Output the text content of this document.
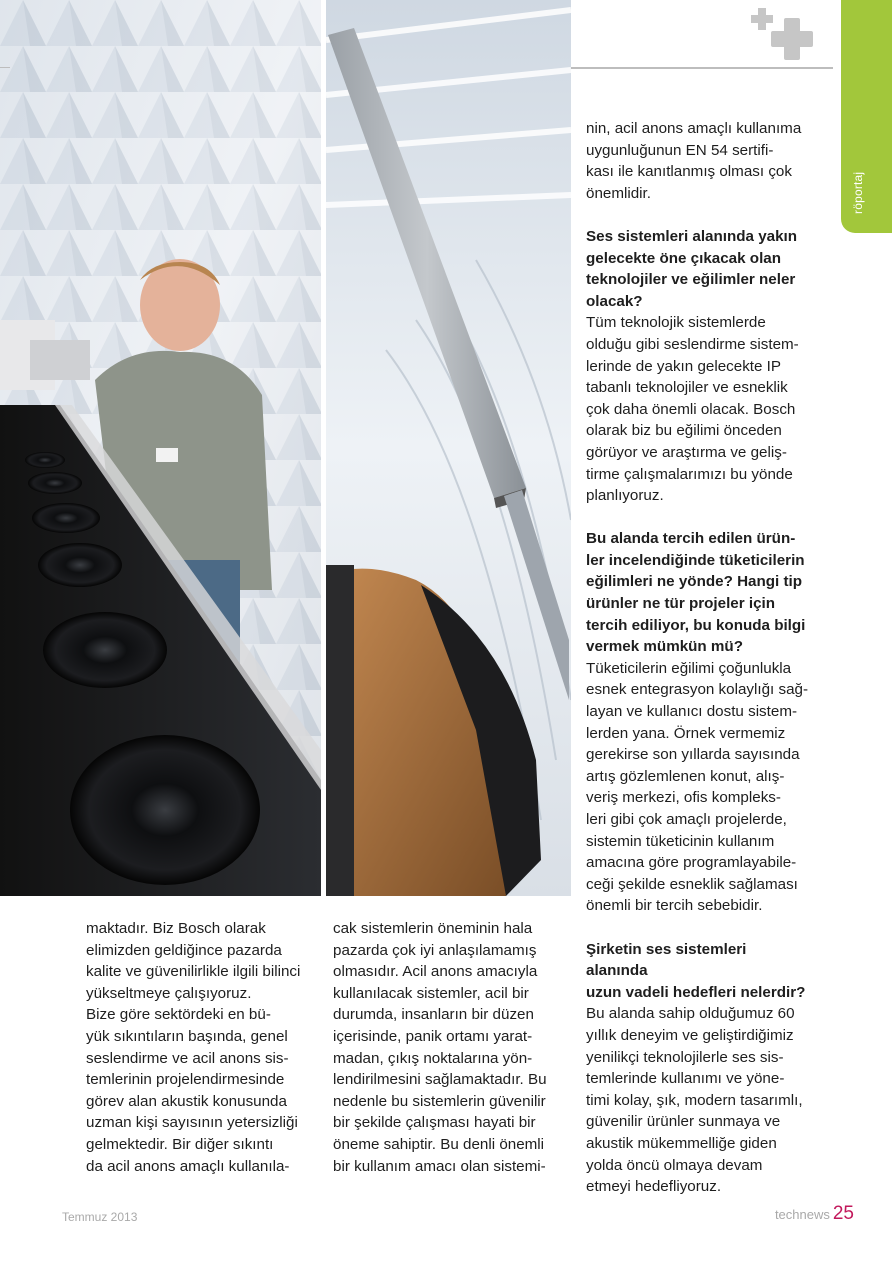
röportaj

maktadır. Biz Bosch olarak
elimizden geldiğince pazarda
kalite ve güvenilirlikle ilgili bilinci
yükseltmeye çalışıyoruz.
Bize göre sektördeki en bü-
yük sıkıntıların başında, genel
seslendirme ve acil anons sis-
temlerinin projelendirmesinde
görev alan akustik konusunda
uzman kişi sayısının yetersizliği
gelmektedir. Bir diğer sıkıntı
da acil anons amaçlı kullanıla-

cak sistemlerin öneminin hala
pazarda çok iyi anlaşılamamış
olmasıdır. Acil anons amacıyla
kullanılacak sistemler, acil bir
durumda, insanların bir düzen
içerisinde, panik ortamı yarat-
madan, çıkış noktalarına yön-
lendirilmesini sağlamaktadır. Bu
nedenle bu sistemlerin güvenilir
bir şekilde çalışması hayati bir
öneme sahiptir. Bu denli önemli
bir kullanım amacı olan sistemi-

nin, acil anons amaçlı kullanıma
uygunluğunun EN 54 sertifi-
kası ile kanıtlanmış olması çok
önemlidir.

Ses sistemleri alanında yakın
gelecekte öne çıkacak olan
teknolojiler ve eğilimler neler
olacak?

Tüm teknolojik sistemlerde
olduğu gibi seslendirme sistem-
lerinde de yakın gelecekte IP
tabanlı teknolojiler ve esneklik
çok daha önemli olacak. Bosch
olarak biz bu eğilimi önceden
görüyor ve araştırma ve geliş-
tirme çalışmalarımızı bu yönde
planlıyoruz.

Bu alanda tercih edilen ürün-
ler incelendiğinde tüketicilerin
eğilimleri ne yönde? Hangi tip
ürünler ne tür projeler için
tercih ediliyor, bu konuda bilgi
vermek mümkün mü?

Tüketicilerin eğilimi çoğunlukla
esnek entegrasyon kolaylığı sağ-
layan ve kullanıcı dostu sistem-
lerden yana. Örnek vermemiz
gerekirse son yıllarda sayısında
artış gözlemlenen konut, alış-
veriş merkezi, ofis kompleks-
leri gibi çok amaçlı projelerde,
sistemin tüketicinin kullanım
amacına göre programlayabile-
ceği şekilde esneklik sağlaması
önemli bir tercih sebebidir.

Şirketin ses sistemleri alanında
uzun vadeli hedefleri nelerdir?

Bu alanda sahip olduğumuz 60
yıllık deneyim ve geliştirdiğimiz
yenilikçi teknolojilerle ses sis-
temlerinde kullanımı ve yöne-
timi kolay, şık, modern tasarımlı,
güvenilir ürünler sunmaya ve
akustik mükemmelliğe giden
yolda öncü olmaya devam
etmeyi hedefliyoruz.

Temmuz 2013	technews 25
